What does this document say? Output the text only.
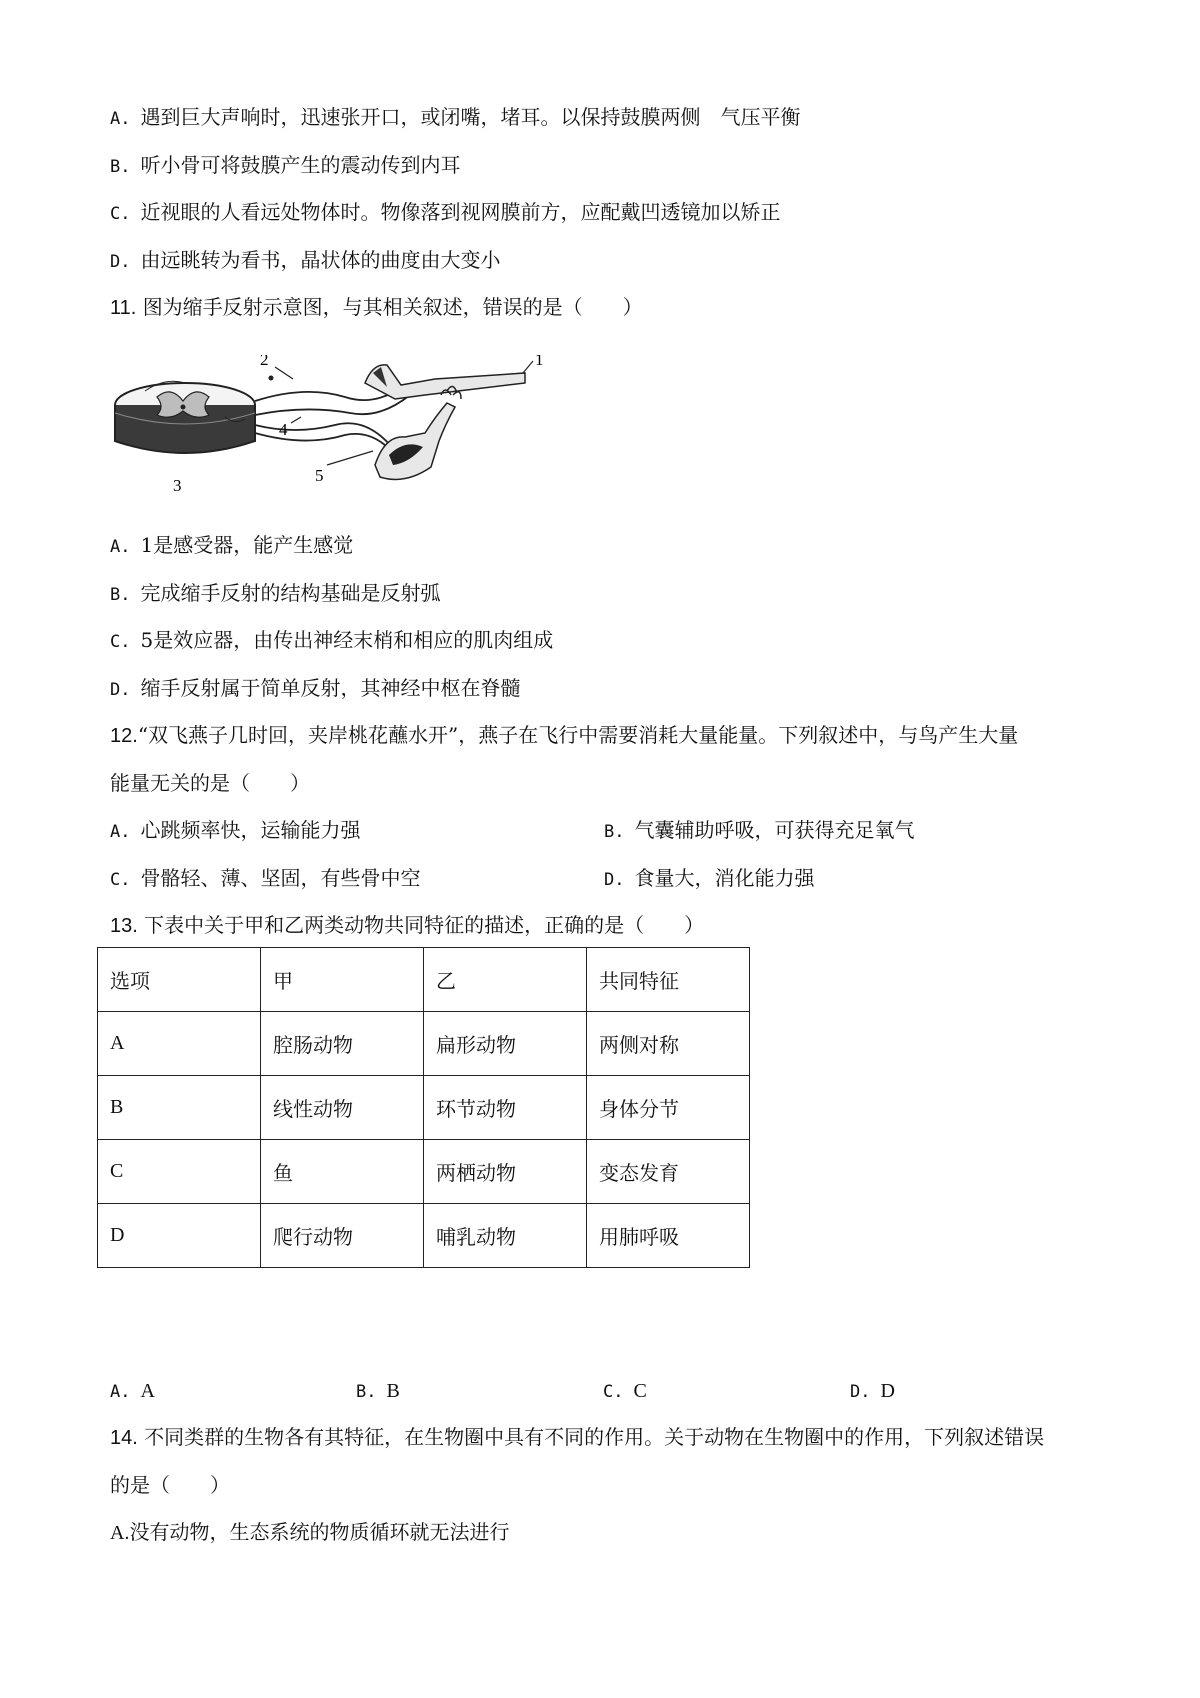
A. 遇到巨大声响时，迅速张开口，或闭嘴，堵耳。以保持鼓膜两侧　气压平衡
B. 听小骨可将鼓膜产生的震动传到内耳
C. 近视眼的人看远处物体时。物像落到视网膜前方，应配戴凹透镜加以矫正
D. 由远眺转为看书，晶状体的曲度由大变小
11. 图为缩手反射示意图，与其相关叙述，错误的是（　　）
1
2
3
4
5
A. 1是感受器，能产生感觉
B. 完成缩手反射的结构基础是反射弧
C. 5是效应器，由传出神经末梢和相应的肌肉组成
D. 缩手反射属于简单反射，其神经中枢在脊髓
12.“双飞燕子几时回，夹岸桃花蘸水开”，燕子在飞行中需要消耗大量能量。下列叙述中，与鸟产生大量
能量无关的是（　　）
A. 心跳频率快，运输能力强	B. 气囊辅助呼吸，可获得充足氧气
C. 骨骼轻、薄、坚固，有些骨中空	D. 食量大，消化能力强
13. 下表中关于甲和乙两类动物共同特征的描述，正确的是（　　）
选项	甲	乙	共同特征
A	腔肠动物	扁形动物	两侧对称
B	线性动物	环节动物	身体分节
C	鱼	两栖动物	变态发育
D	爬行动物	哺乳动物	用肺呼吸
A. A	B. B	C. C	D. D
14. 不同类群的生物各有其特征，在生物圈中具有不同的作用。关于动物在生物圈中的作用，下列叙述错误
的是（　　）
A.没有动物，生态系统的物质循环就无法进行
